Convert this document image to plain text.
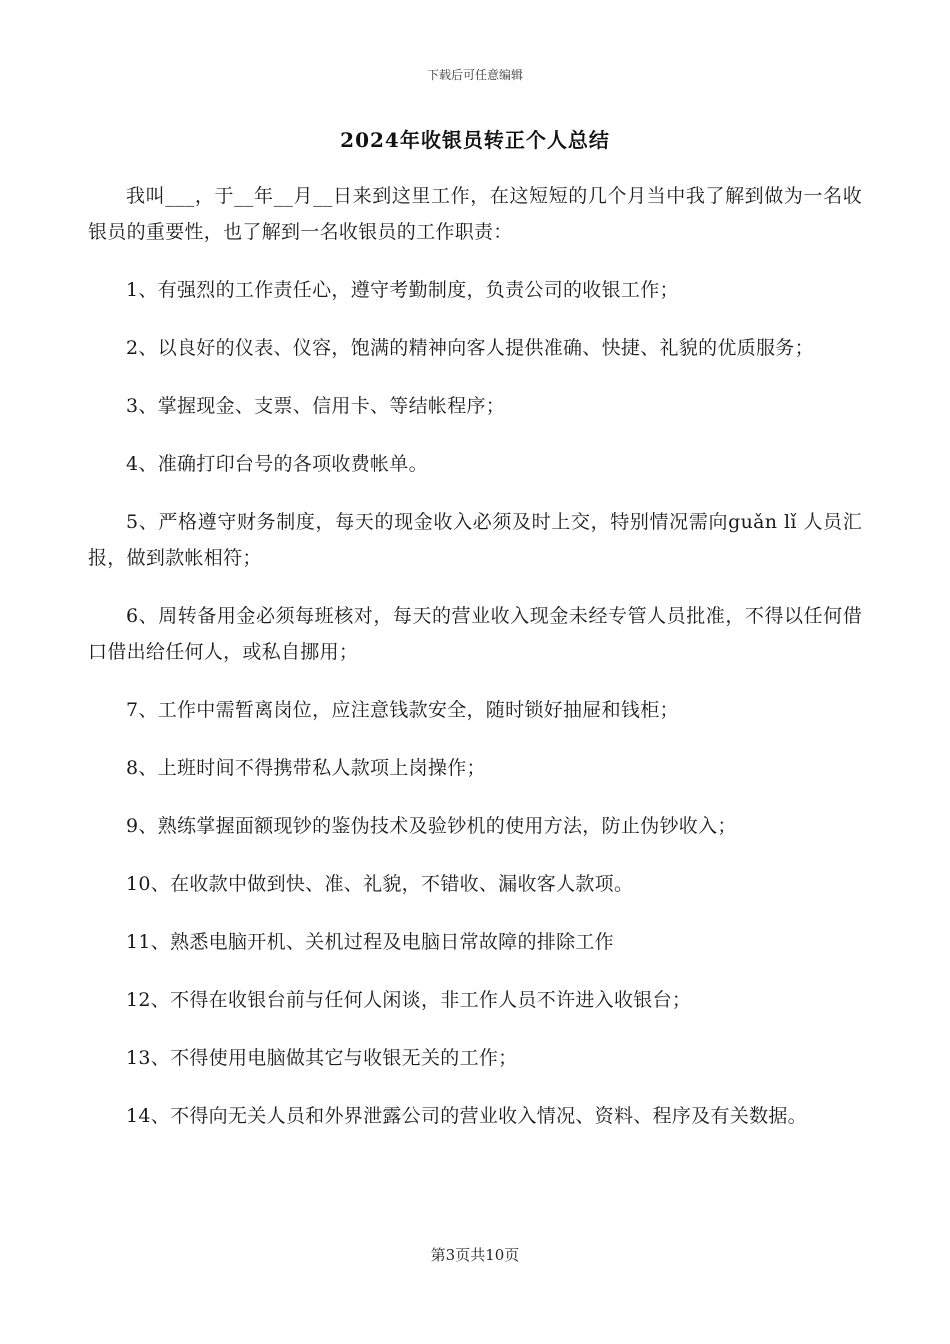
下载后可任意编辑
2024年收银员转正个人总结

我叫___，于__年__月__日来到这里工作，在这短短的几个月当中我了解到做为一名收银员的重要性，也了解到一名收银员的工作职责：

1、有强烈的工作责任心，遵守考勤制度，负责公司的收银工作；

2、以良好的仪表、仪容，饱满的精神向客人提供准确、快捷、礼貌的优质服务；

3、掌握现金、支票、信用卡、等结帐程序；

4、准确打印台号的各项收费帐单。

5、严格遵守财务制度，每天的现金收入必须及时上交，特别情况需向guǎn lǐ 人员汇报，做到款帐相符；

6、周转备用金必须每班核对，每天的营业收入现金未经专管人员批准，不得以任何借口借出给任何人，或私自挪用；

7、工作中需暂离岗位，应注意钱款安全，随时锁好抽屉和钱柜；

8、上班时间不得携带私人款项上岗操作；

9、熟练掌握面额现钞的鉴伪技术及验钞机的使用方法，防止伪钞收入；

10、在收款中做到快、准、礼貌，不错收、漏收客人款项。

11、熟悉电脑开机、关机过程及电脑日常故障的排除工作

12、不得在收银台前与任何人闲谈，非工作人员不许进入收银台；

13、不得使用电脑做其它与收银无关的工作；

14、不得向无关人员和外界泄露公司的营业收入情况、资料、程序及有关数据。

第3页共10页
